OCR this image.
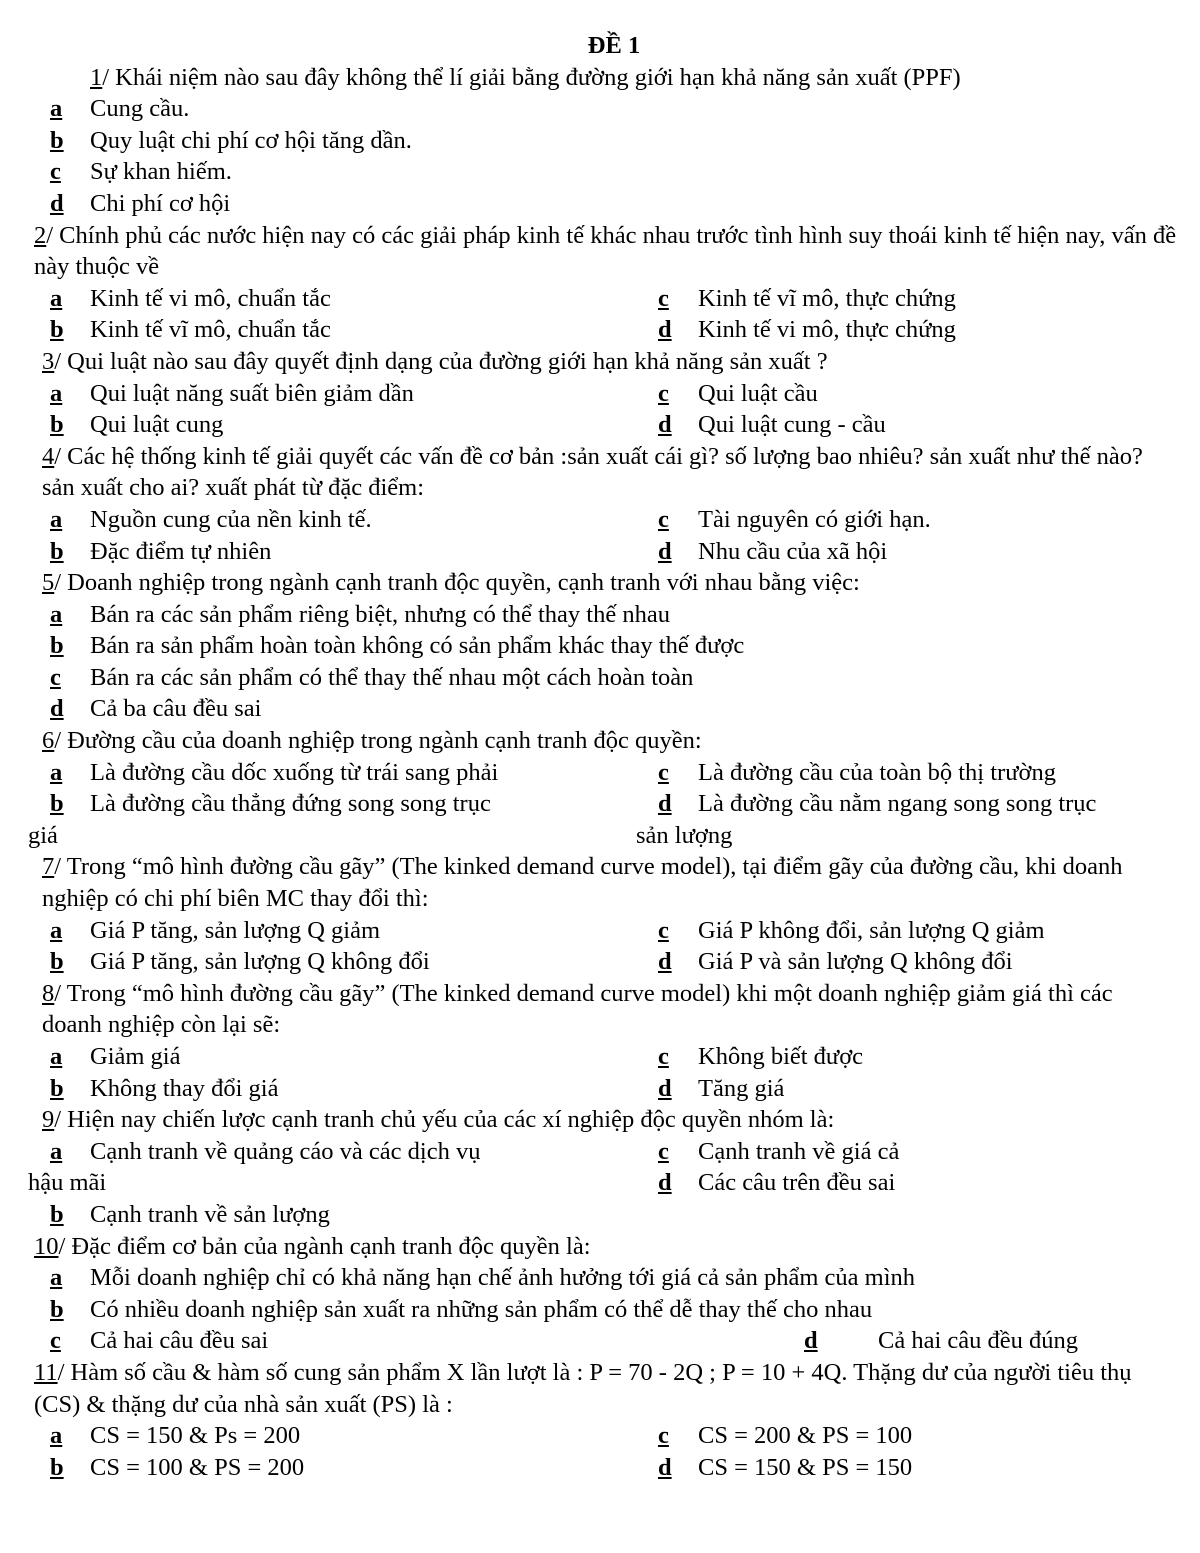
ĐỀ 1
1/ Khái niệm nào sau đây không thể lí giải bằng đường giới hạn khả năng sản xuất (PPF)
a Cung cầu.
b Quy luật chi phí cơ hội tăng dần.
c Sự khan hiếm.
d Chi phí cơ hội
2/ Chính phủ các nước hiện nay có các giải pháp kinh tế khác nhau trước tình hình suy thoái kinh tế hiện nay, vấn đề này thuộc về
a Kinh tế vi mô, chuẩn tắc	c Kinh tế vĩ mô, thực chứng
b Kinh tế vĩ mô, chuẩn tắc	d Kinh tế vi mô, thực chứng
3/ Qui luật nào sau đây quyết định dạng của đường giới hạn khả năng sản xuất ?
a Qui luật năng suất biên giảm dần	c Qui luật cầu
b Qui luật cung	d Qui luật cung - cầu
4/ Các hệ thống kinh tế giải quyết các vấn đề cơ bản :sản xuất cái gì? số lượng bao nhiêu? sản xuất như thế nào? sản xuất cho ai? xuất phát từ đặc điểm:
a Nguồn cung của nền kinh tế.	c Tài nguyên có giới hạn.
b Đặc điểm tự nhiên	d Nhu cầu của xã hội
5/ Doanh nghiệp trong ngành cạnh tranh độc quyền, cạnh tranh với nhau bằng việc:
a Bán ra các sản phẩm riêng biệt, nhưng có thể thay thế nhau
b Bán ra sản phẩm hoàn toàn không có sản phẩm khác thay thế được
c Bán ra các sản phẩm có thể thay thế nhau một cách hoàn toàn
d Cả ba câu đều sai
6/ Đường cầu của doanh nghiệp trong ngành cạnh tranh độc quyền:
a Là đường cầu dốc xuống từ trái sang phải	c Là đường cầu của toàn bộ thị trường
b Là đường cầu thẳng đứng song song trục	d Là đường cầu nằm ngang song song trục
giá	sản lượng
7/ Trong “mô hình đường cầu gãy” (The kinked demand curve model), tại điểm gãy của đường cầu, khi doanh nghiệp có chi phí biên MC thay đổi thì:
a Giá P tăng, sản lượng Q giảm	c Giá P không đổi, sản lượng Q giảm
b Giá P tăng, sản lượng Q không đổi	d Giá P và sản lượng Q không đổi
8/ Trong “mô hình đường cầu gãy” (The kinked demand curve model) khi một doanh nghiệp giảm giá thì các doanh nghiệp còn lại sẽ:
a Giảm giá	c Không biết được
b Không thay đổi giá	d Tăng giá
9/ Hiện nay chiến lược cạnh tranh chủ yếu của các xí nghiệp độc quyền nhóm là:
a Cạnh tranh về quảng cáo và các dịch vụ	c Cạnh tranh về giá cả
hậu mãi	d Các câu trên đều sai
b Cạnh tranh về sản lượng
10/ Đặc điểm cơ bản của ngành cạnh tranh độc quyền là:
a Mỗi doanh nghiệp chỉ có khả năng hạn chế ảnh hưởng tới giá cả sản phẩm của mình
b Có nhiều doanh nghiệp sản xuất ra những sản phẩm có thể dễ thay thế cho nhau
c Cả hai câu đều sai	d Cả hai câu đều đúng
11/ Hàm số cầu & hàm số cung sản phẩm X lần lượt là : P = 70 - 2Q ; P = 10 + 4Q. Thặng dư của người tiêu thụ (CS) & thặng dư của nhà sản xuất (PS) là :
a CS = 150 & Ps = 200	c CS = 200 & PS = 100
b CS = 100 & PS = 200	d CS = 150 & PS = 150
